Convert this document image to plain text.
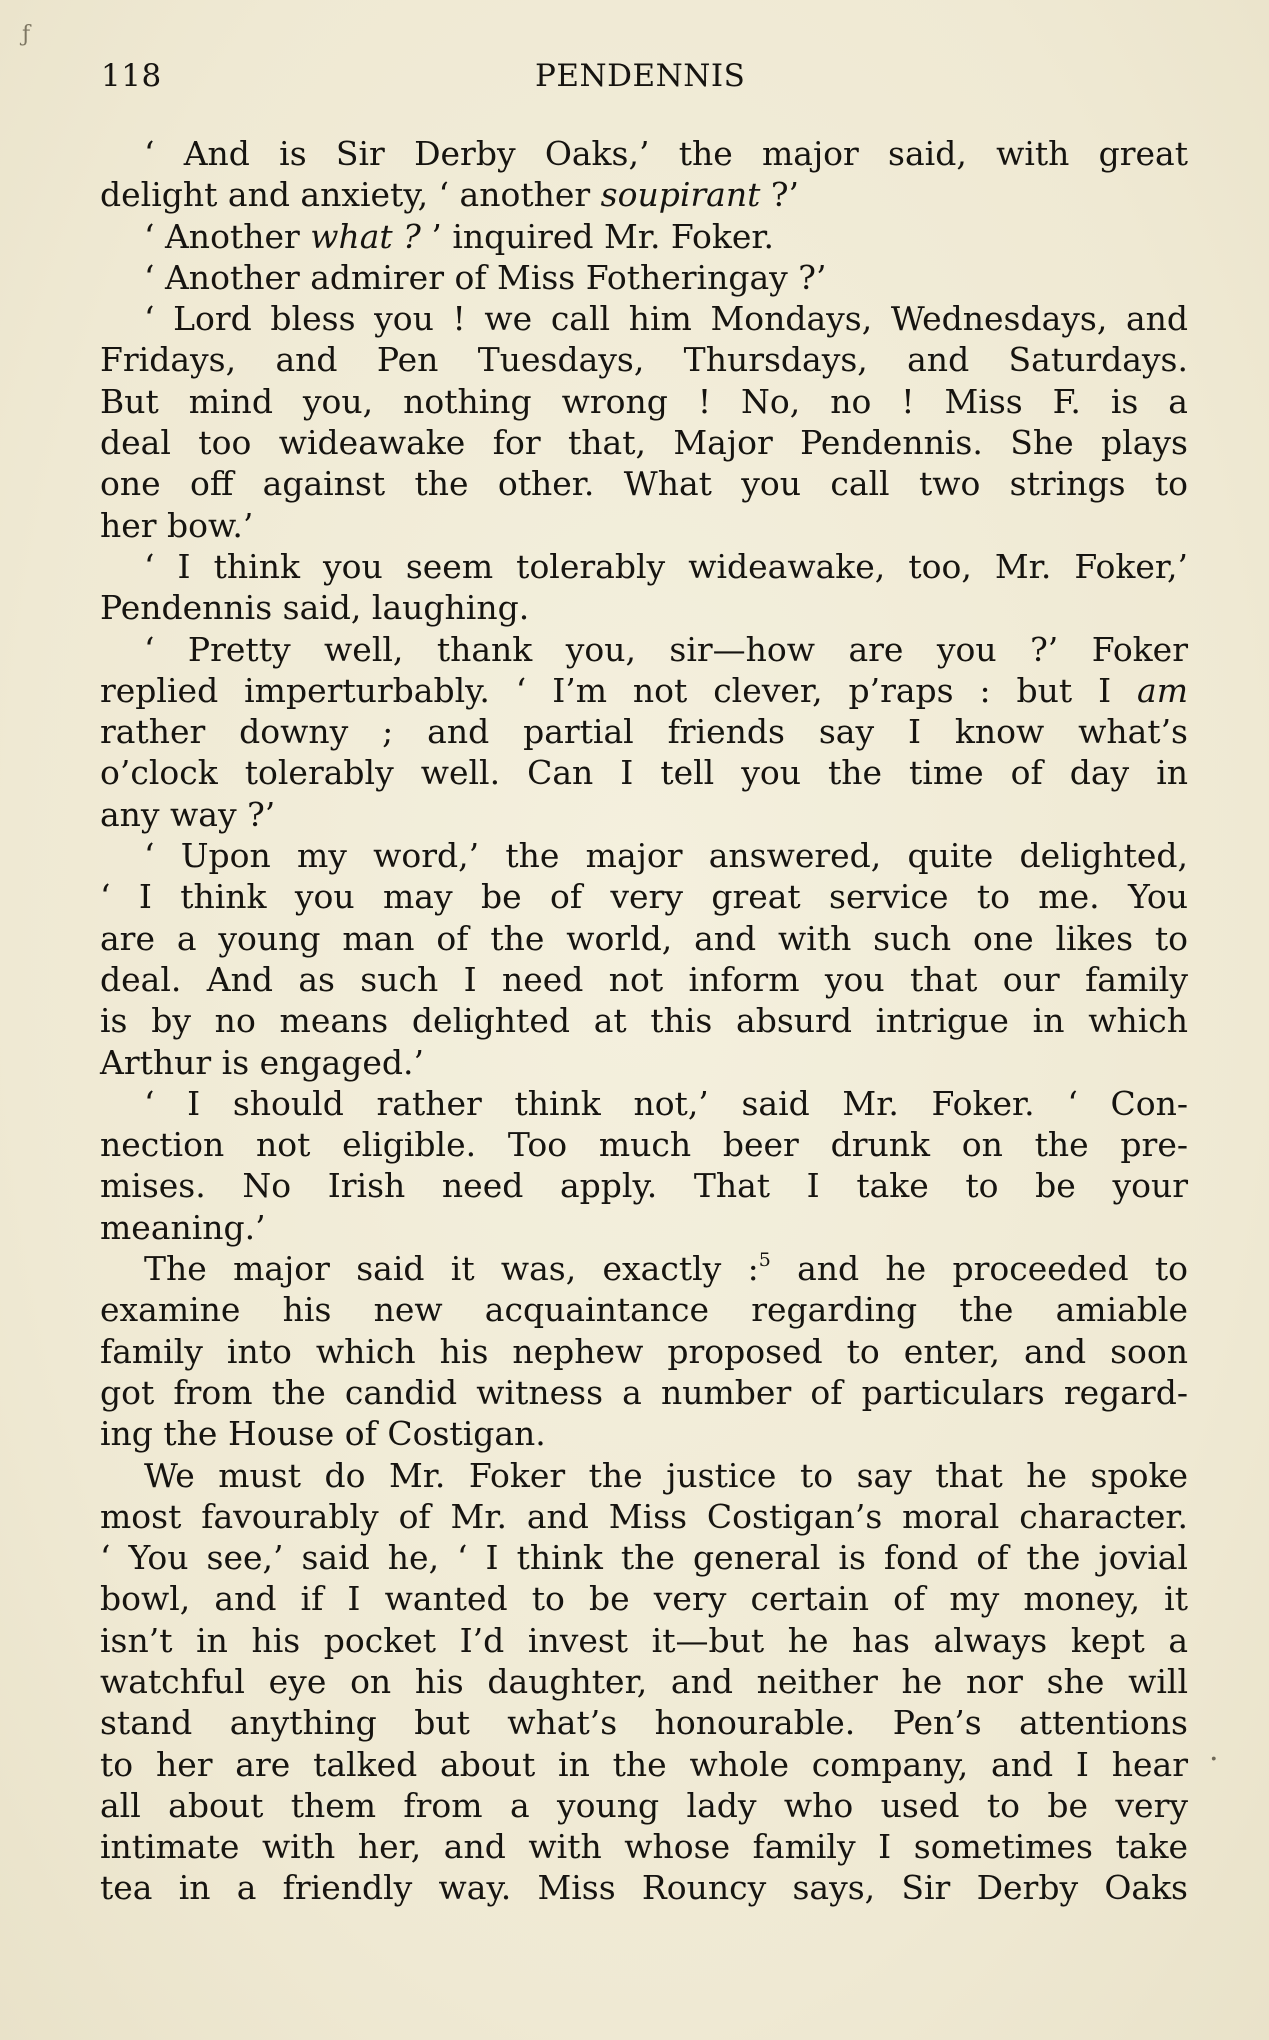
ƒ
.
118	PENDENNIS
‘ And is Sir Derby Oaks,’ the major said, with great
delight and anxiety, ‘ another soupirant ?’
‘ Another what ? ’ inquired Mr. Foker.
‘ Another admirer of Miss Fotheringay ?’
‘ Lord bless you ! we call him Mondays, Wednesdays, and
Fridays, and Pen Tuesdays, Thursdays, and Saturdays.
But mind you, nothing wrong ! No, no ! Miss F. is a
deal too wideawake for that, Major Pendennis. She plays
one off against the other. What you call two strings to
her bow.’
‘ I think you seem tolerably wideawake, too, Mr. Foker,’
Pendennis said, laughing.
‘ Pretty well, thank you, sir—how are you ?’ Foker
replied imperturbably. ‘ I’m not clever, p’raps : but I am
rather downy ; and partial friends say I know what’s
o’clock tolerably well. Can I tell you the time of day in
any way ?’
‘ Upon my word,’ the major answered, quite delighted,
‘ I think you may be of very great service to me. You
are a young man of the world, and with such one likes to
deal. And as such I need not inform you that our family
is by no means delighted at this absurd intrigue in which
Arthur is engaged.’
‘ I should rather think not,’ said Mr. Foker. ‘ Con-
nection not eligible. Too much beer drunk on the pre-
mises. No Irish need apply. That I take to be your
meaning.’
The major said it was, exactly :$^5$ and he proceeded to
examine his new acquaintance regarding the amiable
family into which his nephew proposed to enter, and soon
got from the candid witness a number of particulars regard-
ing the House of Costigan.
We must do Mr. Foker the justice to say that he spoke
most favourably of Mr. and Miss Costigan’s moral character.
‘ You see,’ said he, ‘ I think the general is fond of the jovial
bowl, and if I wanted to be very certain of my money, it
isn’t in his pocket I’d invest it—but he has always kept a
watchful eye on his daughter, and neither he nor she will
stand anything but what’s honourable. Pen’s attentions
to her are talked about in the whole company, and I hear
all about them from a young lady who used to be very
intimate with her, and with whose family I sometimes take
tea in a friendly way. Miss Rouncy says, Sir Derby Oaks
